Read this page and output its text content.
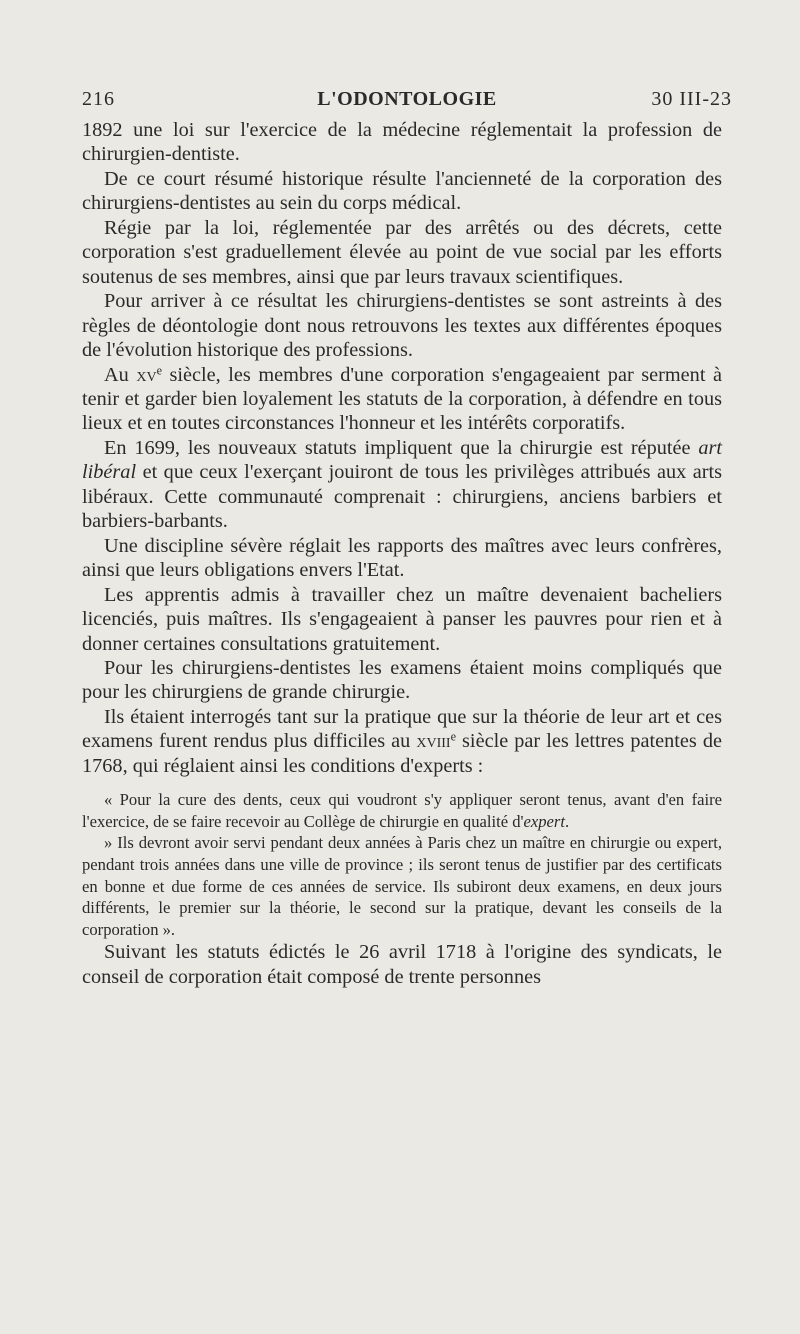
216	L'ODONTOLOGIE	30 III-23

1892 une loi sur l'exercice de la médecine réglementait la profession de chirurgien-dentiste.

De ce court résumé historique résulte l'ancienneté de la corporation des chirurgiens-dentistes au sein du corps médical.

Régie par la loi, réglementée par des arrêtés ou des décrets, cette corporation s'est graduellement élevée au point de vue social par les efforts soutenus de ses membres, ainsi que par leurs travaux scientifiques.

Pour arriver à ce résultat les chirurgiens-dentistes se sont astreints à des règles de déontologie dont nous retrouvons les textes aux différentes époques de l'évolution historique des professions.

Au $xv^e$ siècle, les membres d'une corporation s'engageaient par serment à tenir et garder bien loyalement les statuts de la corporation, à défendre en tous lieux et en toutes circonstances l'honneur et les intérêts corporatifs.

En 1699, les nouveaux statuts impliquent que la chirurgie est réputée art libéral et que ceux l'exerçant jouiront de tous les privilèges attribués aux arts libéraux. Cette communauté comprenait : chirurgiens, anciens barbiers et barbiers-barbants.

Une discipline sévère réglait les rapports des maîtres avec leurs confrères, ainsi que leurs obligations envers l'Etat.

Les apprentis admis à travailler chez un maître devenaient bacheliers licenciés, puis maîtres. Ils s'engageaient à panser les pauvres pour rien et à donner certaines consultations gratuitement.

Pour les chirurgiens-dentistes les examens étaient moins compliqués que pour les chirurgiens de grande chirurgie.

Ils étaient interrogés tant sur la pratique que sur la théorie de leur art et ces examens furent rendus plus difficiles au xviii$^e$ siècle par les lettres patentes de 1768, qui réglaient ainsi les conditions d'experts :

« Pour la cure des dents, ceux qui voudront s'y appliquer seront tenus, avant d'en faire l'exercice, de se faire recevoir au Collège de chirurgie en qualité d'expert.

» Ils devront avoir servi pendant deux années à Paris chez un maître en chirurgie ou expert, pendant trois années dans une ville de province ; ils seront tenus de justifier par des certificats en bonne et due forme de ces années de service. Ils subiront deux examens, en deux jours différents, le premier sur la théorie, le second sur la pratique, devant les conseils de la corporation ».

Suivant les statuts édictés le 26 avril 1718 à l'origine des syndicats, le conseil de corporation était composé de trente personnes
